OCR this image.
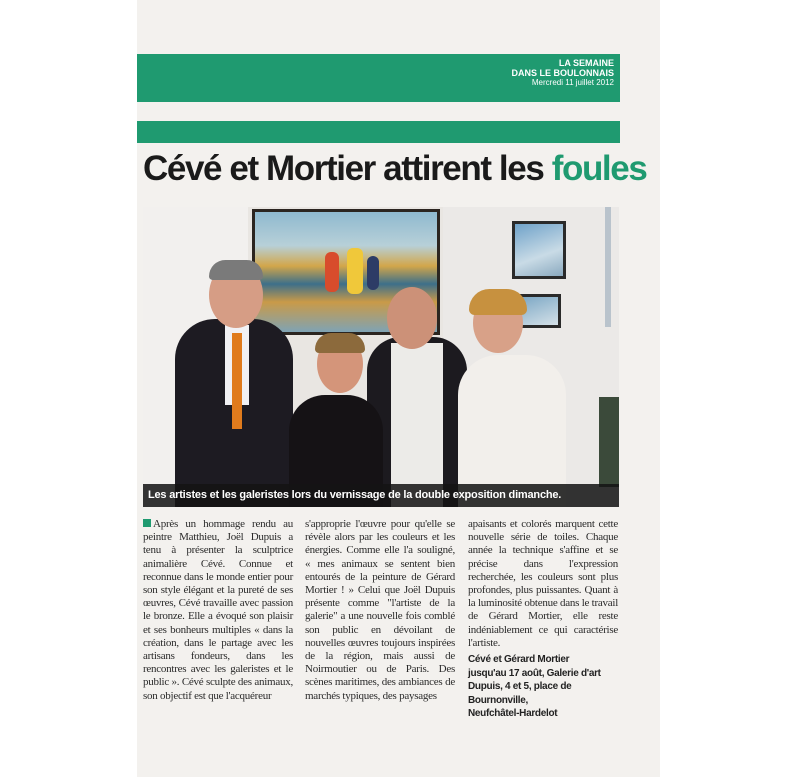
LA SEMAINE
DANS LE BOULONNAIS
Mercredi 11 juillet 2012
Cévé et Mortier attirent les foules
Les artistes et les galeristes lors du vernissage de la double exposition dimanche.

Après un hommage rendu au peintre Matthieu, Joël Dupuis a tenu à présenter la sculptrice animalière Cévé. Connue et reconnue dans le monde entier pour son style élégant et la pureté de ses œuvres, Cévé travaille avec passion le bronze. Elle a évoqué son plaisir et ses bonheurs multiples « dans la création, dans le partage avec les artisans fondeurs, dans les rencontres avec les galeristes et le public ». Cévé sculpte des animaux, son objectif est que l'acquéreur

s'approprie l'œuvre pour qu'elle se révèle alors par les couleurs et les énergies. Comme elle l'a souligné, « mes animaux se sentent bien entourés de la peinture de Gérard Mortier ! » Celui que Joël Dupuis présente comme "l'artiste de la galerie" a une nouvelle fois comblé son public en dévoilant de nouvelles œuvres toujours inspirées de la région, mais aussi de Noirmoutier ou de Paris. Des scènes maritimes, des ambiances de marchés typiques, des paysages

apaisants et colorés marquent cette nouvelle série de toiles. Chaque année la technique s'affine et se précise dans l'expression recherchée, les couleurs sont plus profondes, plus puissantes. Quant à la luminosité obtenue dans le travail de Gérard Mortier, elle reste indéniablement ce qui caractérise l'artiste.

Cévé et Gérard Mortier
jusqu'au 17 août, Galerie d'art
Dupuis, 4 et 5, place de
Bournonville,
Neufchâtel-Hardelot
